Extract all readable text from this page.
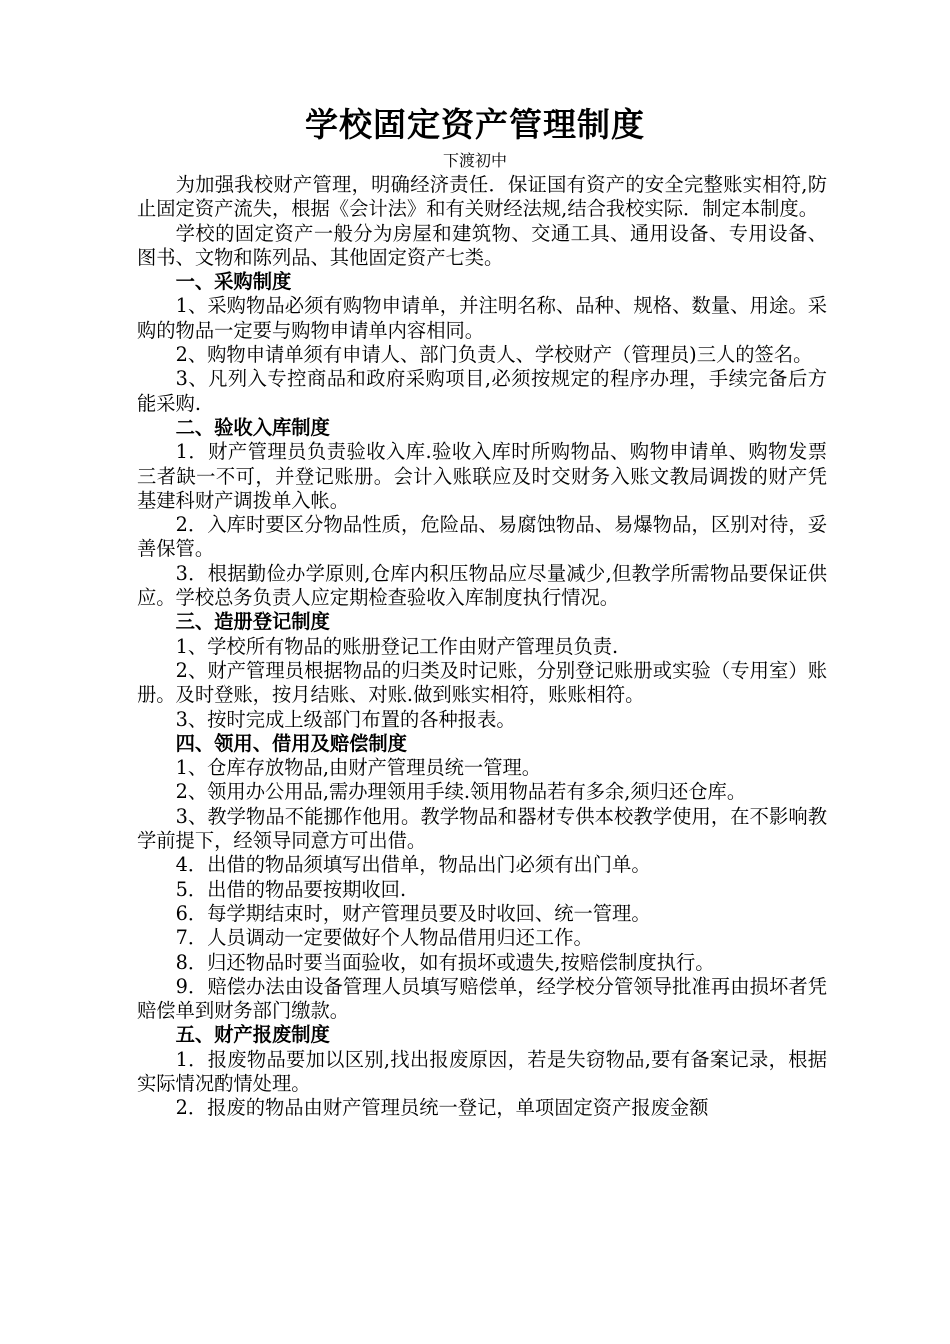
学校固定资产管理制度
下渡初中

为加强我校财产管理，明确经济责任．保证国有资产的安全完整账实相符,防止固定资产流失，根据《会计法》和有关财经法规,结合我校实际．制定本制度。

学校的固定资产一般分为房屋和建筑物、交通工具、通用设备、专用设备、图书、文物和陈列品、其他固定资产七类。

一、采购制度

1、采购物品必须有购物申请单，并注明名称、品种、规格、数量、用途。采购的物品一定要与购物申请单内容相同。

2、购物申请单须有申请人、部门负责人、学校财产（管理员)三人的签名。

3、凡列入专控商品和政府采购项目,必须按规定的程序办理，手续完备后方能采购.

二、验收入库制度

1．财产管理员负责验收入库.验收入库时所购物品、购物申请单、购物发票三者缺一不可，并登记账册。会计入账联应及时交财务入账文教局调拨的财产凭基建科财产调拨单入帐。

2．入库时要区分物品性质，危险品、易腐蚀物品、易爆物品，区别对待，妥善保管。

3．根据勤俭办学原则,仓库内积压物品应尽量减少,但教学所需物品要保证供应。学校总务负责人应定期检查验收入库制度执行情况。

三、造册登记制度

1、学校所有物品的账册登记工作由财产管理员负责.

2、财产管理员根据物品的归类及时记账，分别登记账册或实验（专用室）账册。及时登账，按月结账、对账.做到账实相符，账账相符。

3、按时完成上级部门布置的各种报表。

四、领用、借用及赔偿制度

1、仓库存放物品,由财产管理员统一管理。

2、领用办公用品,需办理领用手续.领用物品若有多余,须归还仓库。

3、教学物品不能挪作他用。教学物品和器材专供本校教学使用，在不影响教学前提下，经领导同意方可出借。

4．出借的物品须填写出借单，物品出门必须有出门单。

5．出借的物品要按期收回.

6．每学期结束时，财产管理员要及时收回、统一管理。

7．人员调动一定要做好个人物品借用归还工作。

8．归还物品时要当面验收，如有损坏或遗失,按赔偿制度执行。

9．赔偿办法由设备管理人员填写赔偿单，经学校分管领导批准再由损坏者凭赔偿单到财务部门缴款。

五、财产报废制度

1．报废物品要加以区别,找出报废原因，若是失窃物品,要有备案记录，根据实际情况酌情处理。

2．报废的物品由财产管理员统一登记，单项固定资产报废金额
